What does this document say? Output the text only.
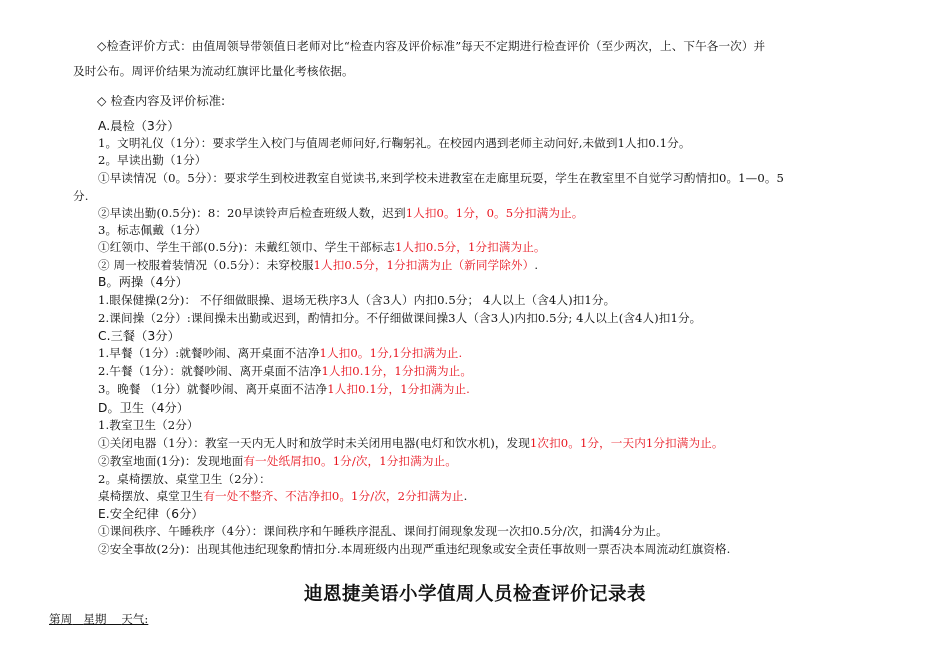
◇检查评价方式：由值周领导带领值日老师对比“检查内容及评价标准”每天不定期进行检查评价（至少两次，上、下午各一次）并
及时公布。周评价结果为流动红旗评比量化考核依据。
◇ 检查内容及评价标准:
A.晨检（3分）
1。文明礼仪（1分）：要求学生入校门与值周老师问好,行鞠躬礼。在校园内遇到老师主动问好,未做到1人扣0.1分。
2。早读出勤（1分）
①早读情况（0。5分）：要求学生到校进教室自觉读书,来到学校未进教室在走廊里玩耍，学生在教室里不自觉学习酌情扣0。1—0。5
分.
②早读出勤(0.5分)：8：20早读铃声后检查班级人数，迟到1人扣0。1分，0。5分扣满为止。
3。标志佩戴（1分）
①红领巾、学生干部(0.5分)：未戴红领巾、学生干部标志1人扣0.5分，1分扣满为止。
② 周一校服着装情况（0.5分）：未穿校服1人扣0.5分，1分扣满为止（新同学除外）.
B。两操（4分）
1.眼保健操(2分)： 不仔细做眼操、退场无秩序3人（含3人）内扣0.5分； 4人以上（含4人)扣1分。
2.课间操（2分）:课间操未出勤或迟到，酌情扣分。不仔细做课间操3人（含3人)内扣0.5分; 4人以上(含4人)扣1分。
C.三餐（3分）
1.早餐（1分）:就餐吵闹、离开桌面不洁净1人扣0。1分,1分扣满为止.
2.午餐（1分）：就餐吵闹、离开桌面不洁净1人扣0.1分，1分扣满为止。
3。晚餐 （1分）就餐吵闹、离开桌面不洁净1人扣0.1分，1分扣满为止.
D。卫生（4分）
1.教室卫生（2分）
①关闭电器（1分）：教室一天内无人时和放学时未关闭用电器(电灯和饮水机)，发现1次扣0。1分，一天内1分扣满为止。
②教室地面(1分)：发现地面有一处纸屑扣0。1分/次，1分扣满为止。
2。桌椅摆放、桌堂卫生（2分）：
桌椅摆放、桌堂卫生有一处不整齐、不洁净扣0。1分/次，2分扣满为止.
E.安全纪律（6分）
①课间秩序、午睡秩序（4分）：课间秩序和午睡秩序混乱、课间打闹现象发现一次扣0.5分/次，扣满4分为止。
②安全事故(2分)：出现其他违纪现象酌情扣分.本周班级内出现严重违纪现象或安全责任事故则一票否决本周流动红旗资格.
迪恩捷美语小学值周人员检查评价记录表
第周 星期 天气:
